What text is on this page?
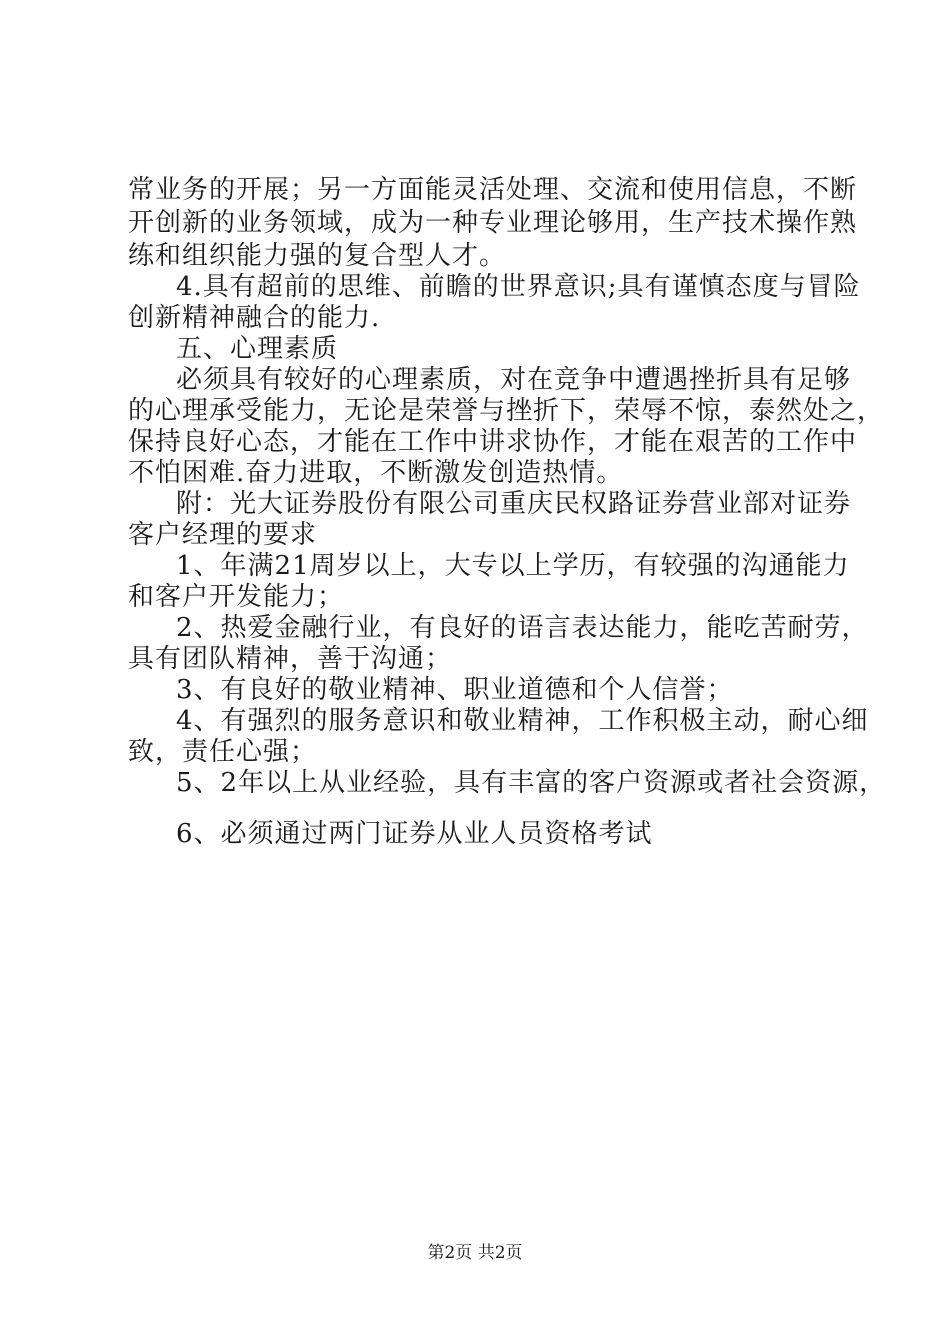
常业务的开展；另一方面能灵活处理、交流和使用信息，不断
开创新的业务领域，成为一种专业理论够用，生产技术操作熟
练和组织能力强的复合型人才。
4.具有超前的思维、前瞻的世界意识;具有谨慎态度与冒险
创新精神融合的能力.
五、心理素质
必须具有较好的心理素质，对在竞争中遭遇挫折具有足够
的心理承受能力，无论是荣誉与挫折下，荣辱不惊，泰然处之，
保持良好心态，才能在工作中讲求协作，才能在艰苦的工作中
不怕困难.奋力进取，不断激发创造热情。
附：光大证券股份有限公司重庆民权路证券营业部对证券
客户经理的要求
1、年满21周岁以上，大专以上学历，有较强的沟通能力
和客户开发能力；
2、热爱金融行业，有良好的语言表达能力，能吃苦耐劳，
具有团队精神，善于沟通；
3、有良好的敬业精神、职业道德和个人信誉；
4、有强烈的服务意识和敬业精神，工作积极主动，耐心细
致，责任心强；
5、2年以上从业经验，具有丰富的客户资源或者社会资源，
6、必须通过两门证券从业人员资格考试
第2页 共2页
